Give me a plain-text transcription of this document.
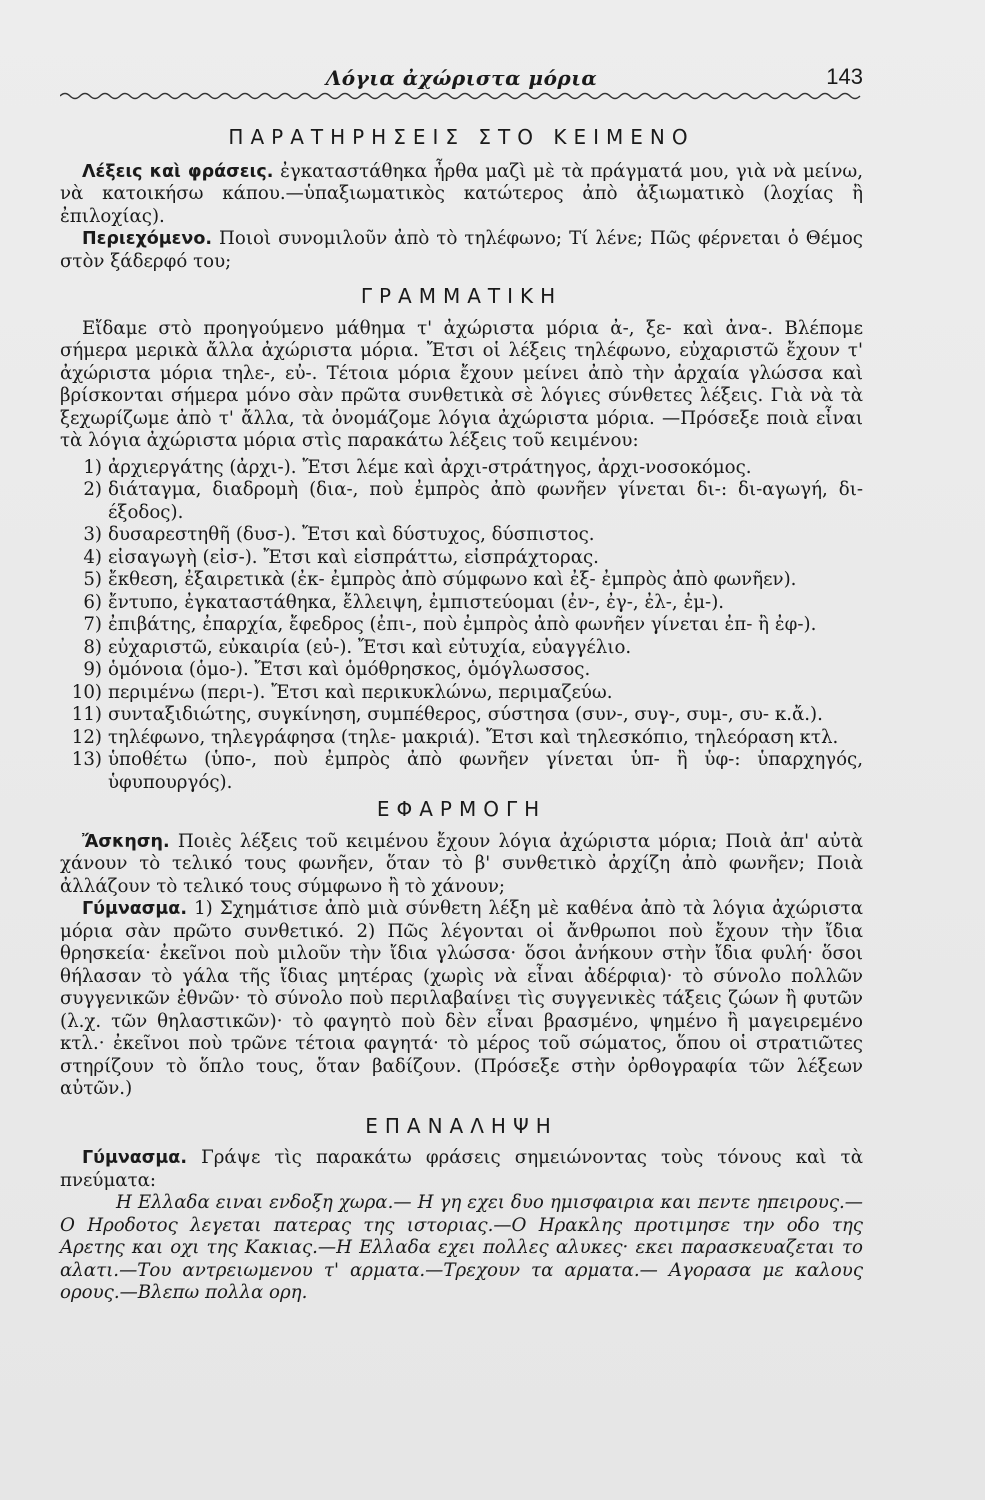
Λόγια ἀχώριστα μόρια	143
ΠΑΡΑΤΗΡΗΣΕΙΣ ΣΤΟ ΚΕΙΜΕΝΟ

Λέξεις καὶ φράσεις. ἐγκαταστάθηκα ἦρθα μαζὶ μὲ τὰ πράγματά μου, γιὰ νὰ μείνω, νὰ κατοικήσω κάπου.—ὑπαξιωματικὸς κατώτερος ἀπὸ ἀξιωματικὸ (λοχίας ἢ ἐπιλοχίας).

Περιεχόμενο. Ποιοὶ συνομιλοῦν ἀπὸ τὸ τηλέφωνο; Τί λένε; Πῶς φέρνεται ὁ Θέμος στὸν ξάδερφό του;

ΓΡΑΜΜΑΤΙΚΗ

Εἴδαμε στὸ προηγούμενο μάθημα τ' ἀχώριστα μόρια ἀ-, ξε- καὶ ἀνα-. Βλέπομε σήμερα μερικὰ ἄλλα ἀχώριστα μόρια. Ἔτσι οἱ λέξεις τηλέφωνο, εὐχαριστῶ ἔχουν τ' ἀχώριστα μόρια τηλε-, εὐ-. Τέτοια μόρια ἔχουν μείνει ἀπὸ τὴν ἀρχαία γλώσσα καὶ βρίσκονται σήμερα μόνο σὰν πρῶτα συνθετικὰ σὲ λόγιες σύνθετες λέξεις. Γιὰ νὰ τὰ ξεχωρίζωμε ἀπὸ τ' ἄλλα, τὰ ὀνομάζομε λόγια ἀχώριστα μόρια. —Πρόσεξε ποιὰ εἶναι τὰ λόγια ἀχώριστα μόρια στὶς παρακάτω λέξεις τοῦ κειμένου:

1) ἀρχιεργάτης (ἀρχι-). Ἔτσι λέμε καὶ ἀρχι-στράτηγος, ἀρχι-νοσοκόμος.
2) διάταγμα, διαδρομὴ (δια-, ποὺ ἐμπρὸς ἀπὸ φωνῆεν γίνεται δι-: δι-αγωγή, δι-έξοδος).
3) δυσαρεστηθῆ (δυσ-). Ἔτσι καὶ δύστυχος, δύσπιστος.
4) εἰσαγωγὴ (εἰσ-). Ἔτσι καὶ εἰσπράττω, εἰσπράχτορας.
5) ἔκθεση, ἐξαιρετικὰ (ἐκ- ἐμπρὸς ἀπὸ σύμφωνο καὶ ἐξ- ἐμπρὸς ἀπὸ φωνῆεν).
6) ἔντυπο, ἐγκαταστάθηκα, ἔλλειψη, ἐμπιστεύομαι (ἐν-, ἐγ-, ἐλ-, ἐμ-).
7) ἐπιβάτης, ἐπαρχία, ἔφεδρος (ἐπι-, ποὺ ἐμπρὸς ἀπὸ φωνῆεν γίνεται ἐπ- ἢ ἐφ-).
8) εὐχαριστῶ, εὐκαιρία (εὐ-). Ἔτσι καὶ εὐτυχία, εὐαγγέλιο.
9) ὁμόνοια (ὁμο-). Ἔτσι καὶ ὁμόθρησκος, ὁμόγλωσσος.
10) περιμένω (περι-). Ἔτσι καὶ περικυκλώνω, περιμαζεύω.
11) συνταξιδιώτης, συγκίνηση, συμπέθερος, σύστησα (συν-, συγ-, συμ-, συ- κ.ἄ.).
12) τηλέφωνο, τηλεγράφησα (τηλε- μακριά). Ἔτσι καὶ τηλεσκόπιο, τηλεόραση κτλ.
13) ὑποθέτω (ὑπο-, ποὺ ἐμπρὸς ἀπὸ φωνῆεν γίνεται ὑπ- ἢ ὑφ-: ὑπαρχηγός, ὑφυπουργός).
ΕΦΑΡΜΟΓΗ

Ἄσκηση. Ποιὲς λέξεις τοῦ κειμένου ἔχουν λόγια ἀχώριστα μόρια; Ποιὰ ἀπ' αὐτὰ χάνουν τὸ τελικό τους φωνῆεν, ὅταν τὸ β' συνθετικὸ ἀρχίζη ἀπὸ φωνῆεν; Ποιὰ ἀλλάζουν τὸ τελικό τους σύμφωνο ἢ τὸ χάνουν;

Γύμνασμα. 1) Σχημάτισε ἀπὸ μιὰ σύνθετη λέξη μὲ καθένα ἀπὸ τὰ λόγια ἀχώριστα μόρια σὰν πρῶτο συνθετικό. 2) Πῶς λέγονται οἱ ἄνθρωποι ποὺ ἔχουν τὴν ἴδια θρησκεία· ἐκεῖνοι ποὺ μιλοῦν τὴν ἴδια γλώσσα· ὅσοι ἀνήκουν στὴν ἴδια φυλή· ὅσοι θήλασαν τὸ γάλα τῆς ἴδιας μητέρας (χωρὶς νὰ εἶναι ἀδέρφια)· τὸ σύνολο πολλῶν συγγενικῶν ἐθνῶν· τὸ σύνολο ποὺ περιλαβαίνει τὶς συγγενικὲς τάξεις ζώων ἢ φυτῶν (λ.χ. τῶν θηλαστικῶν)· τὸ φαγητὸ ποὺ δὲν εἶναι βρασμένο, ψημένο ἢ μαγειρεμένο κτλ.· ἐκεῖνοι ποὺ τρῶνε τέτοια φαγητά· τὸ μέρος τοῦ σώματος, ὅπου οἱ στρατιῶτες στηρίζουν τὸ ὅπλο τους, ὅταν βαδίζουν. (Πρόσεξε στὴν ὀρθογραφία τῶν λέξεων αὐτῶν.)

ΕΠΑΝΑΛΗΨΗ

Γύμνασμα. Γράψε τὶς παρακάτω φράσεις σημειώνοντας τοὺς τόνους καὶ τὰ πνεύματα:

Η Ελλαδα ειναι ενδοξη χωρα.— Η γη εχει δυο ημισφαιρια και πεντε ηπειρους.—Ο Ηροδοτος λεγεται πατερας της ιστοριας.—Ο Ηρακλης προτιμησε την οδο της Αρετης και οχι της Κακιας.—Η Ελλαδα εχει πολλες αλυκες· εκει παρασκευαζεται το αλατι.—Του αντρειωμενου τ' αρματα.—Τρεχουν τα αρματα.— Αγορασα με καλους ορους.—Βλεπω πολλα ορη.
